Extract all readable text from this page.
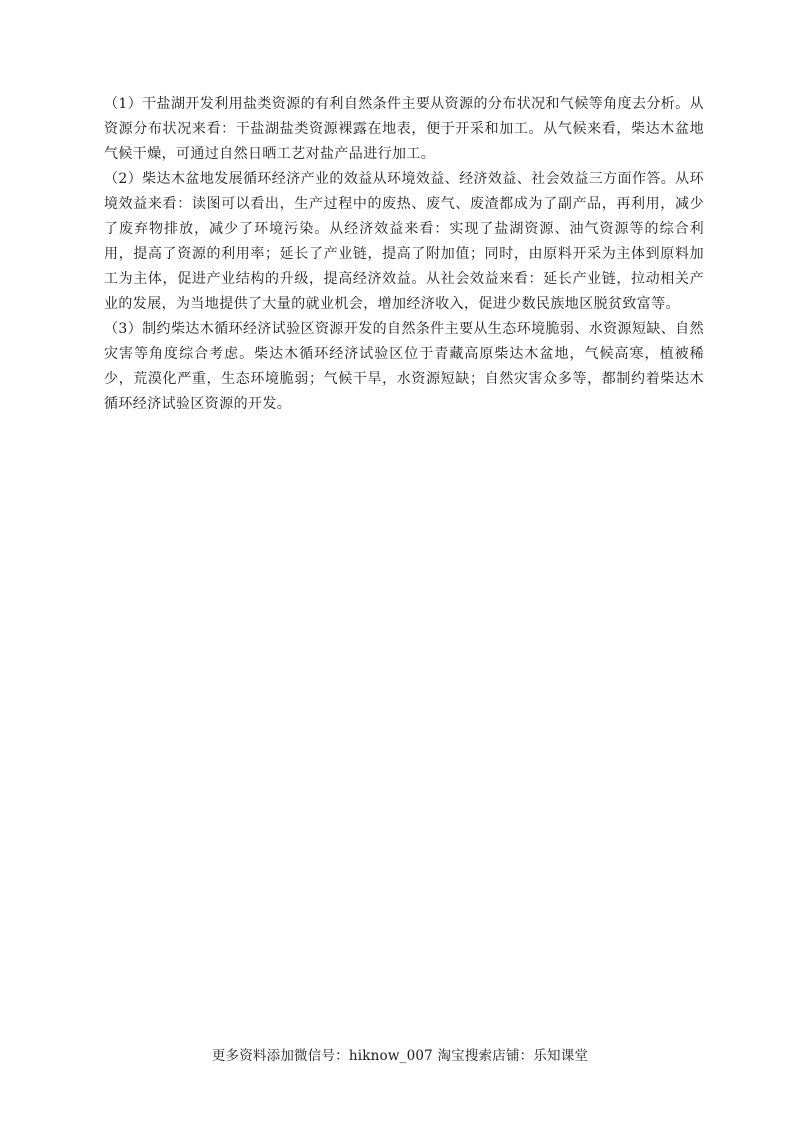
（1）干盐湖开发利用盐类资源的有利自然条件主要从资源的分布状况和气候等角度去分析。从资源分布状况来看：干盐湖盐类资源裸露在地表，便于开采和加工。从气候来看，柴达木盆地气候干燥，可通过自然日晒工艺对盐产品进行加工。

（2）柴达木盆地发展循环经济产业的效益从环境效益、经济效益、社会效益三方面作答。从环境效益来看：读图可以看出，生产过程中的废热、废气、废渣都成为了副产品，再利用，减少了废弃物排放，减少了环境污染。从经济效益来看：实现了盐湖资源、油气资源等的综合利用，提高了资源的利用率；延长了产业链，提高了附加值；同时，由原料开采为主体到原料加工为主体，促进产业结构的升级，提高经济效益。从社会效益来看：延长产业链，拉动相关产业的发展，为当地提供了大量的就业机会，增加经济收入，促进少数民族地区脱贫致富等。

（3）制约柴达木循环经济试验区资源开发的自然条件主要从生态环境脆弱、水资源短缺、自然灾害等角度综合考虑。柴达木循环经济试验区位于青藏高原柴达木盆地，气候高寒，植被稀少，荒漠化严重，生态环境脆弱；气候干旱，水资源短缺；自然灾害众多等，都制约着柴达木循环经济试验区资源的开发。

更多资料添加微信号：hiknow_007 淘宝搜索店铺：乐知课堂
